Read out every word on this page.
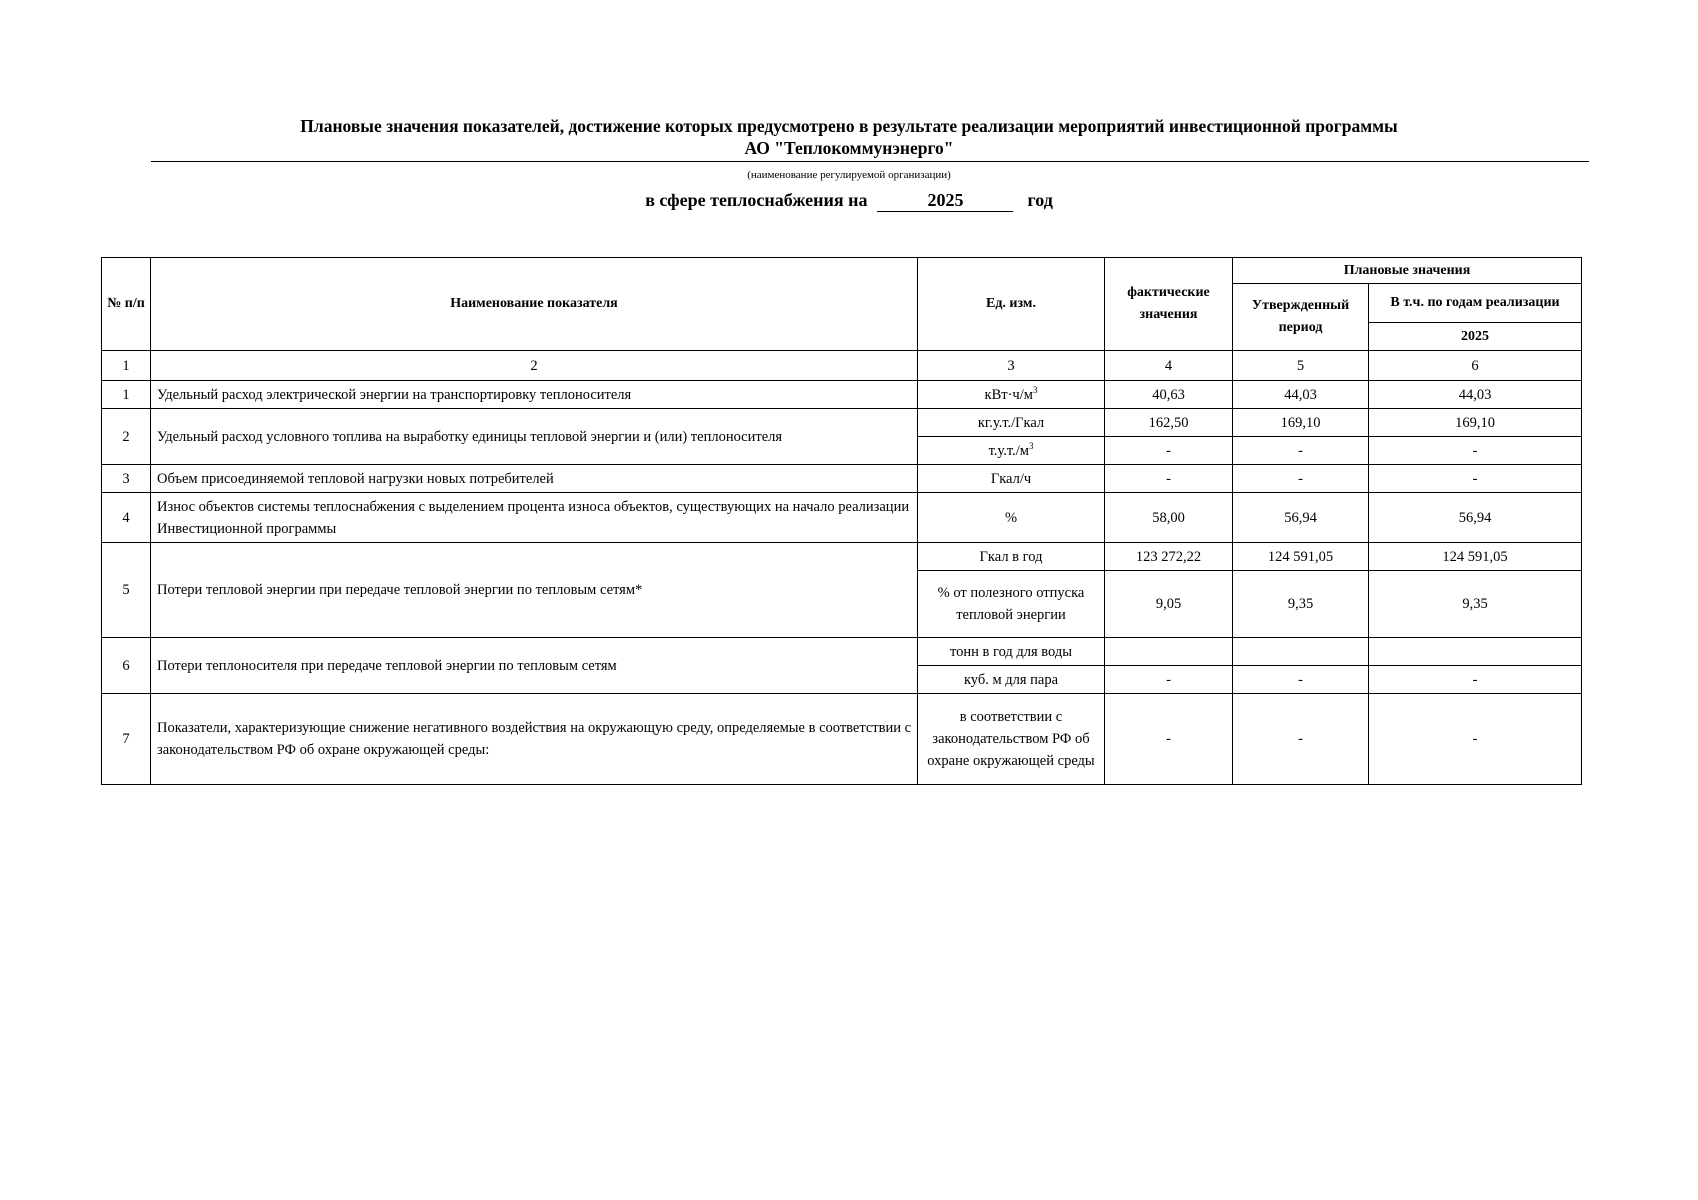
Плановые значения показателей, достижение которых предусмотрено в результате реализации мероприятий инвестиционной программы
АО "Теплокоммунэнерго"
(наименование регулируемой организации)
в сфере теплоснабжения на	2025	год
№ п/п	Наименование показателя	Ед. изм.	фактические значения	Плановые значения	
				Утвержденный период	В т.ч. по годам реализации
					2025
1	2	3	4	5	6
1	Удельный расход электрической энергии на транспортировку теплоносителя	$кВт\cdot ч/м^3$	40,63	44,03	44,03
2	Удельный расход условного топлива на выработку единицы тепловой энергии и (или) теплоносителя	кг.у.т./Гкал	162,50	169,10	169,10
		$т.у.т./м^3$	-	-	-
3	Объем присоединяемой тепловой нагрузки новых потребителей	Гкал/ч	-	-	-
4	Износ объектов системы теплоснабжения с выделением процента износа объектов, существующих на начало реализации Инвестиционной программы	%	58,00	56,94	56,94
5	Потери тепловой энергии при передаче тепловой энергии по тепловым сетям*	Гкал в год	123 272,22	124 591,05	124 591,05
		% от полезного отпуска тепловой энергии	9,05	9,35	9,35
6	Потери теплоносителя при передаче тепловой энергии по тепловым сетям	тонн в год для воды			
		куб. м для пара	-	-	-
7	Показатели, характеризующие снижение негативного воздействия на окружающую среду, определяемые в соответствии с законодательством РФ об охране окружающей среды:	в соответствии с законодательством РФ об охране окружающей среды	-	-	-
